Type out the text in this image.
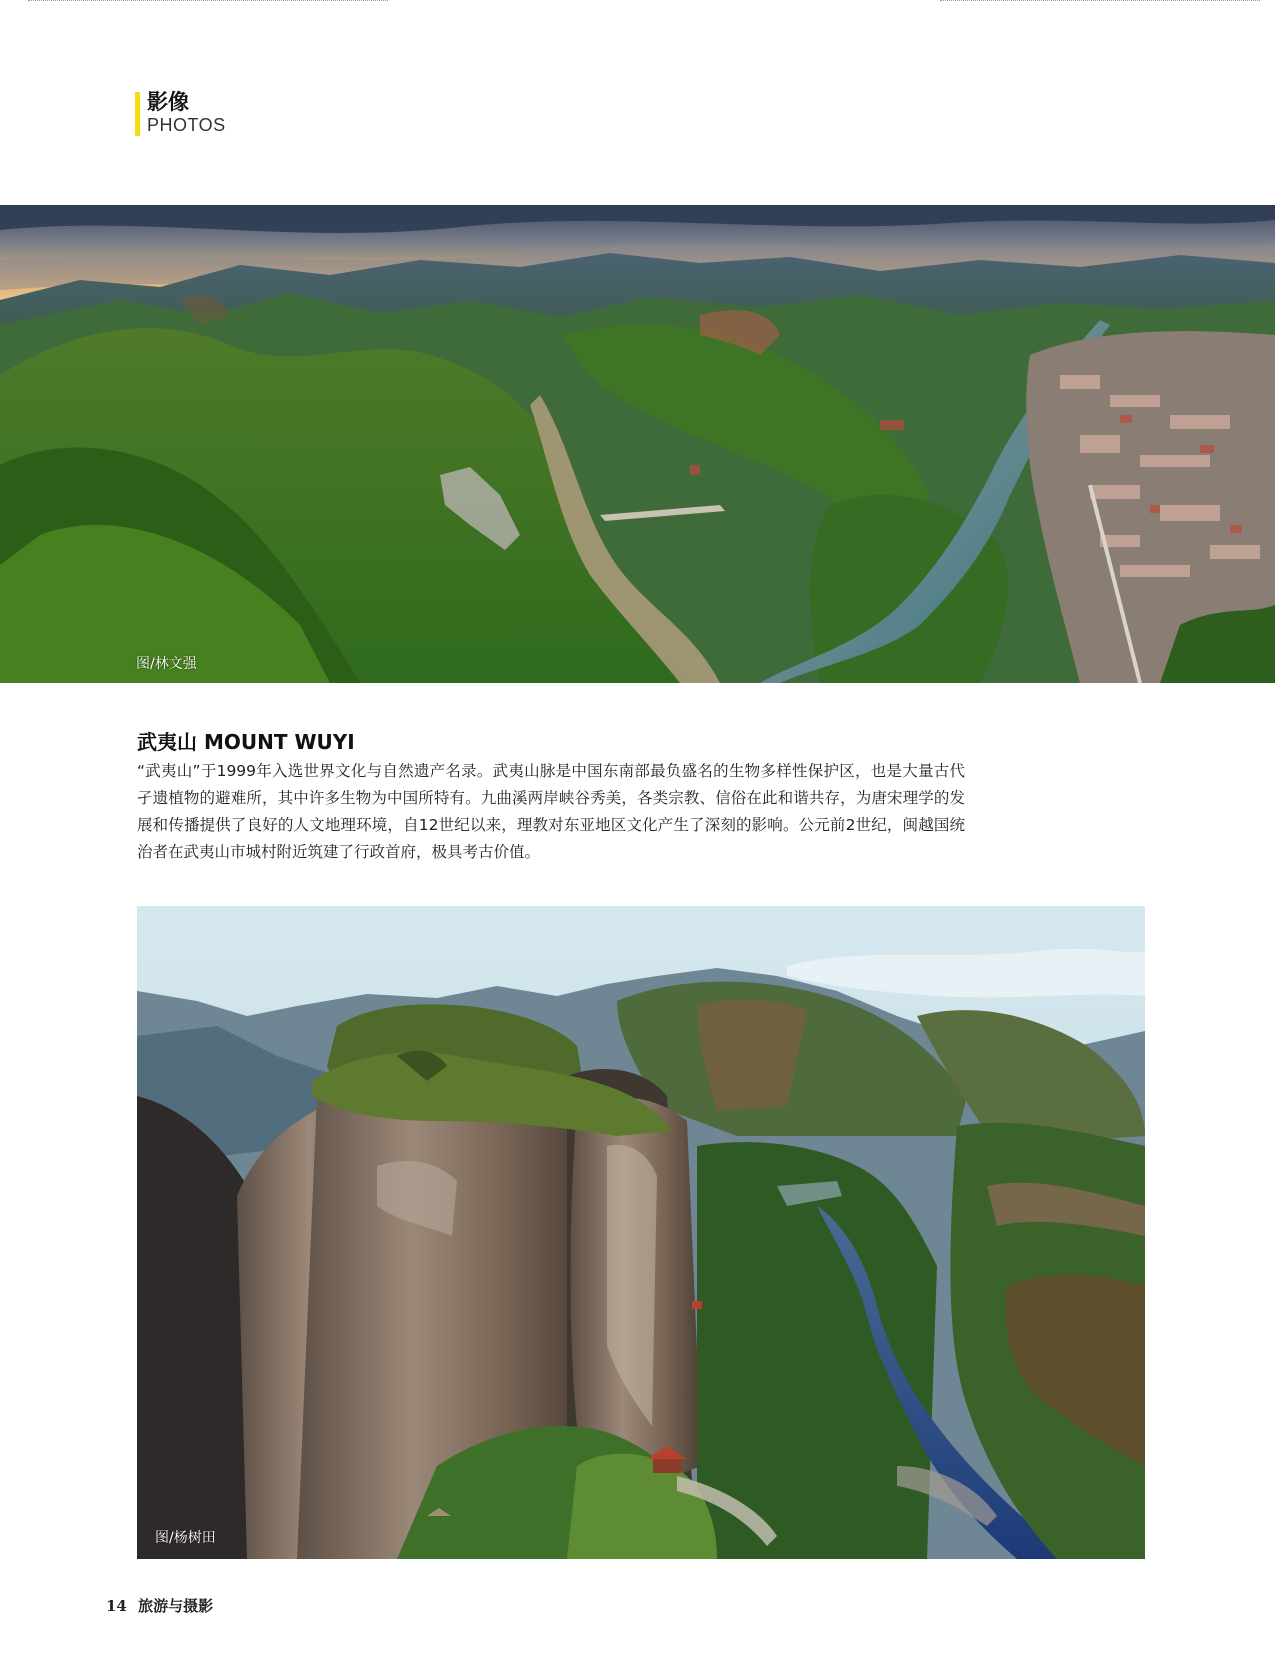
影像
PHOTOS
图/林文强
武夷山 MOUNT WUYI

“武夷山”于1999年入选世界文化与自然遗产名录。武夷山脉是中国东南部最负盛名的生物多样性保护区，也是大量古代孑遗植物的避难所，其中许多生物为中国所特有。九曲溪两岸峡谷秀美，各类宗教、信俗在此和谐共存，为唐宋理学的发展和传播提供了良好的人文地理环境，自12世纪以来，理教对东亚地区文化产生了深刻的影响。公元前2世纪，闽越国统治者在武夷山市城村附近筑建了行政首府，极具考古价值。

图/杨树田
14 旅游与摄影
